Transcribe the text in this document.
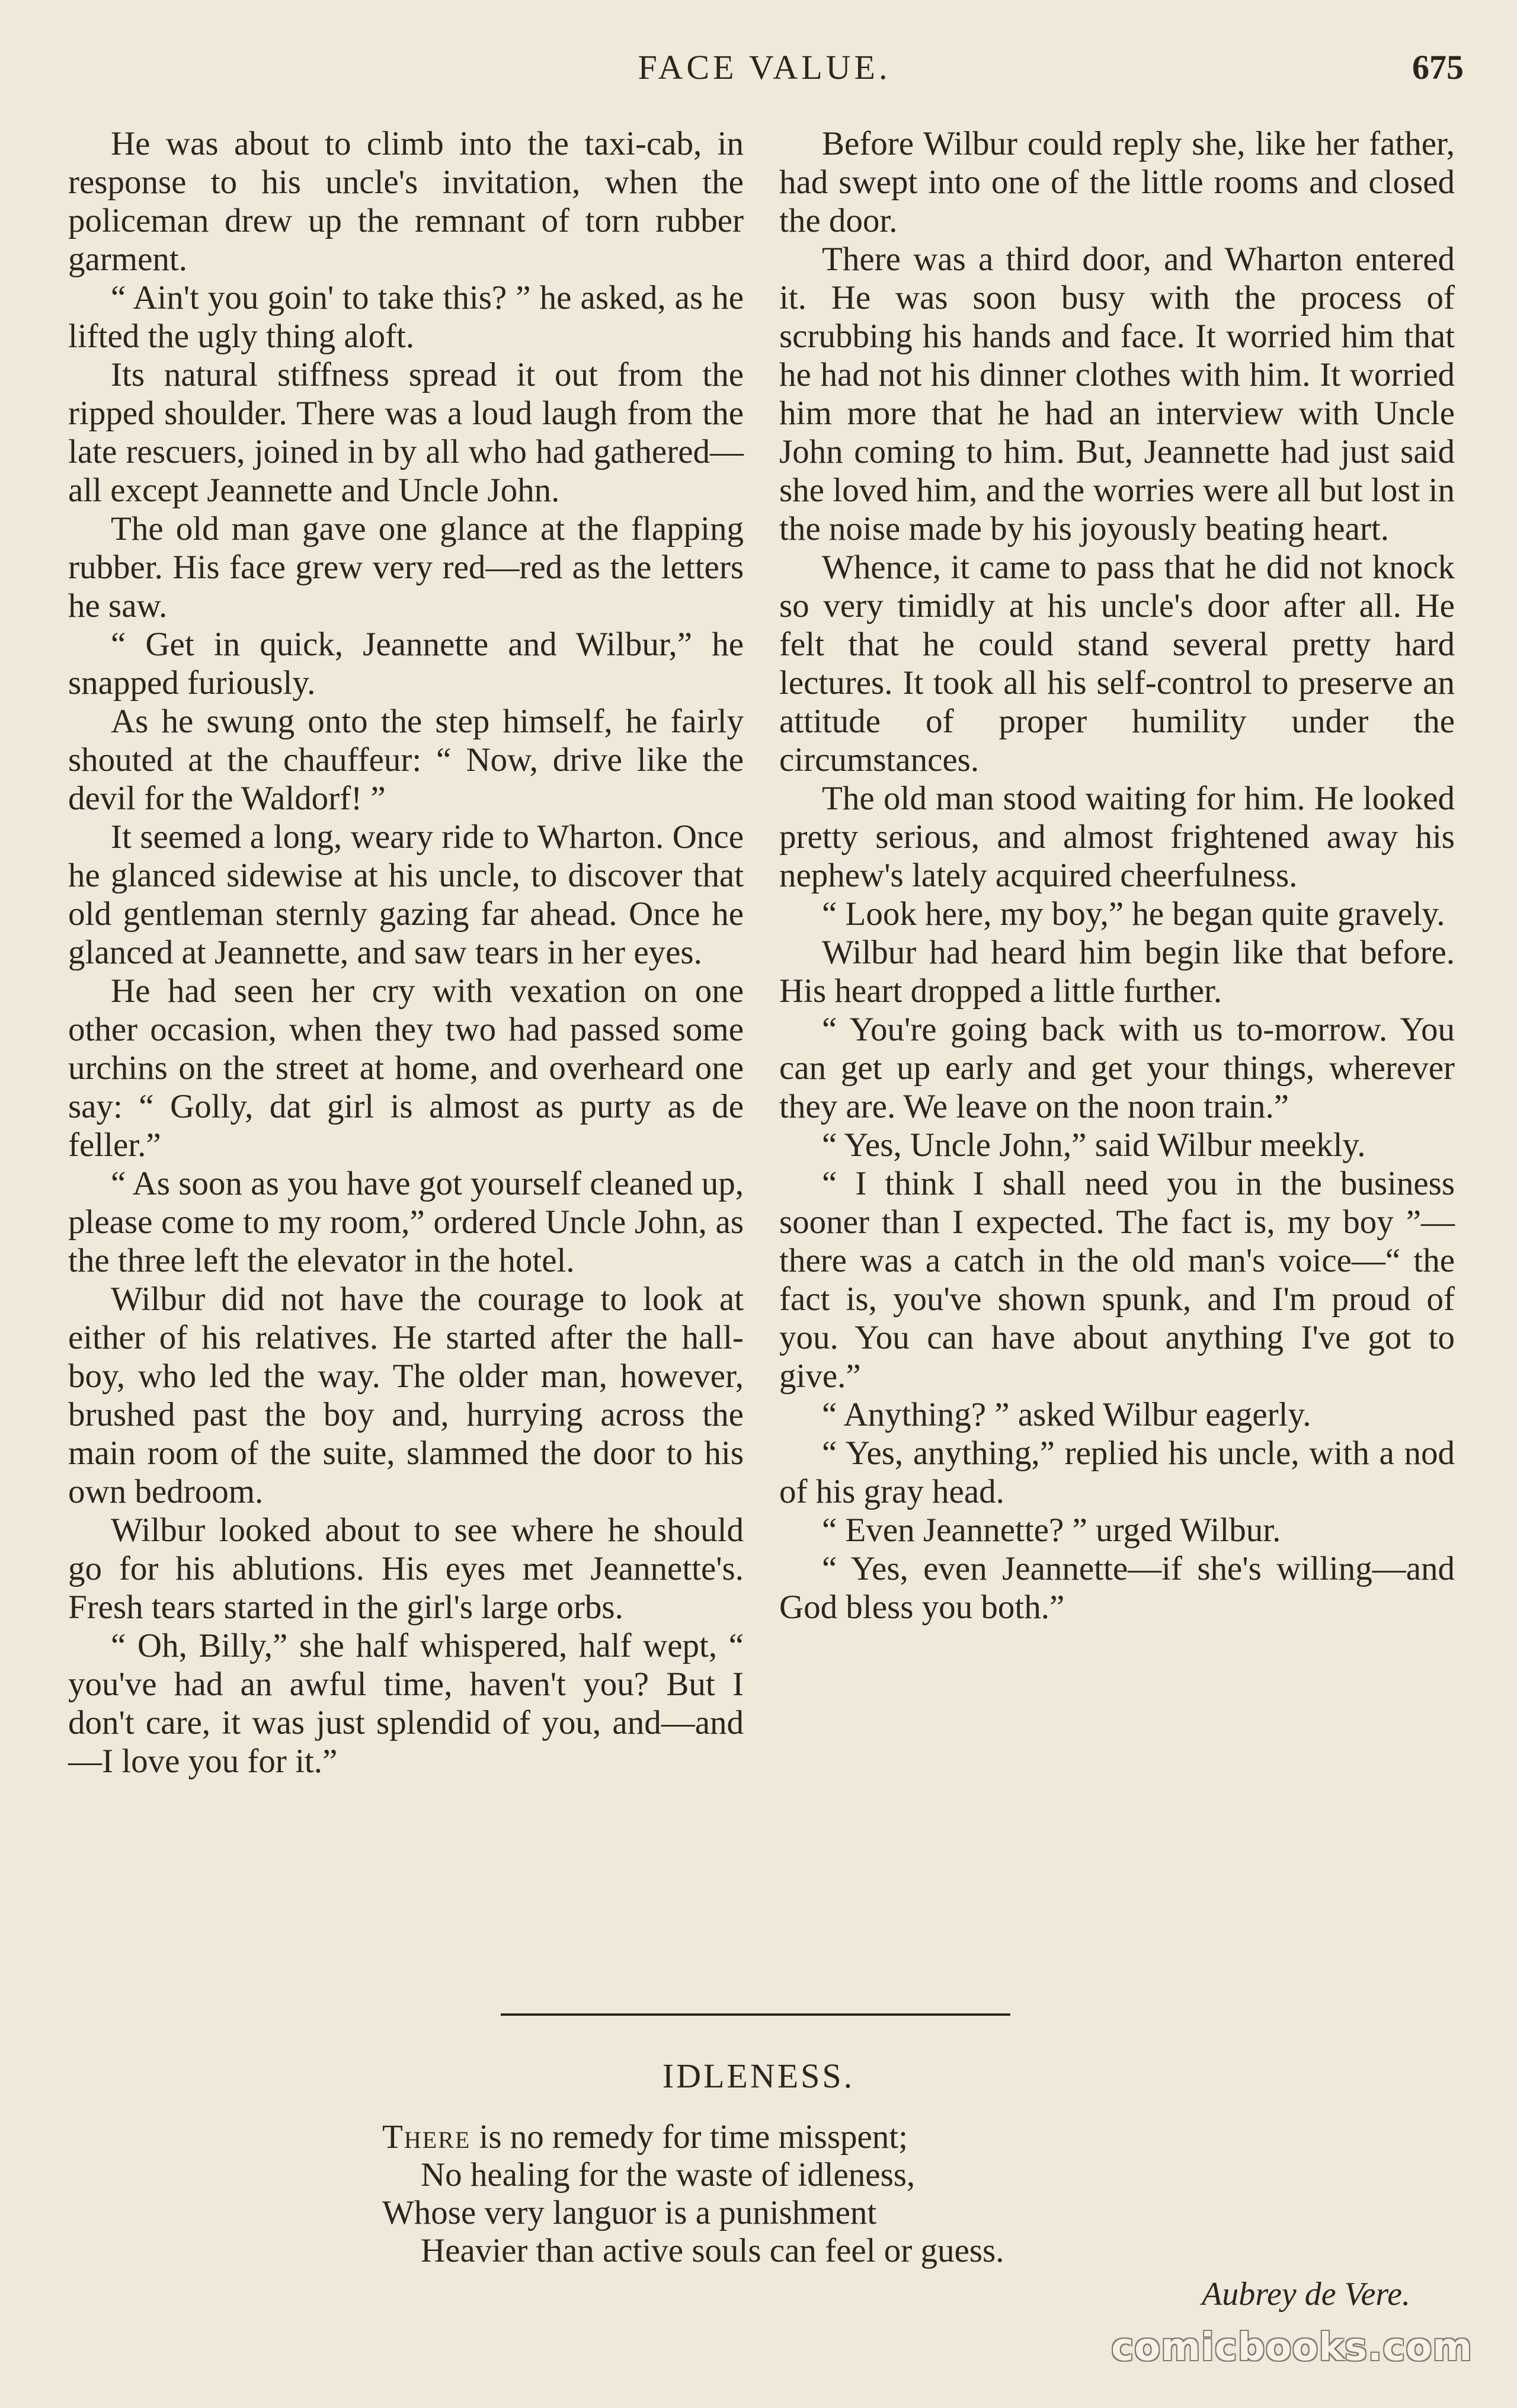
FACE VALUE.	675

He was about to climb into the taxi-cab, in response to his uncle's invitation, when the policeman drew up the remnant of torn rubber garment.

“ Ain't you goin' to take this? ” he asked, as he lifted the ugly thing aloft.

Its natural stiffness spread it out from the ripped shoulder. There was a loud laugh from the late rescuers, joined in by all who had gathered—all except Jeannette and Uncle John.

The old man gave one glance at the flapping rubber. His face grew very red—red as the letters he saw.

“ Get in quick, Jeannette and Wilbur,” he snapped furiously.

As he swung onto the step himself, he fairly shouted at the chauffeur: “ Now, drive like the devil for the Waldorf! ”

It seemed a long, weary ride to Wharton. Once he glanced sidewise at his uncle, to discover that old gentleman sternly gazing far ahead. Once he glanced at Jeannette, and saw tears in her eyes.

He had seen her cry with vexation on one other occasion, when they two had passed some urchins on the street at home, and overheard one say: “ Golly, dat girl is almost as purty as de feller.”

“ As soon as you have got yourself cleaned up, please come to my room,” ordered Uncle John, as the three left the elevator in the hotel.

Wilbur did not have the courage to look at either of his relatives. He started after the hall-boy, who led the way. The older man, however, brushed past the boy and, hurrying across the main room of the suite, slammed the door to his own bedroom.

Wilbur looked about to see where he should go for his ablutions. His eyes met Jeannette's. Fresh tears started in the girl's large orbs.

“ Oh, Billy,” she half whispered, half wept, “ you've had an awful time, haven't you? But I don't care, it was just splendid of you, and—and—I love you for it.”

Before Wilbur could reply she, like her father, had swept into one of the little rooms and closed the door.

There was a third door, and Wharton entered it. He was soon busy with the process of scrubbing his hands and face. It worried him that he had not his dinner clothes with him. It worried him more that he had an interview with Uncle John coming to him. But, Jeannette had just said she loved him, and the worries were all but lost in the noise made by his joyously beating heart.

Whence, it came to pass that he did not knock so very timidly at his uncle's door after all. He felt that he could stand several pretty hard lectures. It took all his self-control to preserve an attitude of proper humility under the circumstances.

The old man stood waiting for him. He looked pretty serious, and almost frightened away his nephew's lately acquired cheerfulness.

“ Look here, my boy,” he began quite gravely.

Wilbur had heard him begin like that before. His heart dropped a little further.

“ You're going back with us to-morrow. You can get up early and get your things, wherever they are. We leave on the noon train.”

“ Yes, Uncle John,” said Wilbur meekly.

“ I think I shall need you in the business sooner than I expected. The fact is, my boy ”—there was a catch in the old man's voice—“ the fact is, you've shown spunk, and I'm proud of you. You can have about anything I've got to give.”

“ Anything? ” asked Wilbur eagerly.

“ Yes, anything,” replied his uncle, with a nod of his gray head.

“ Even Jeannette? ” urged Wilbur.

“ Yes, even Jeannette—if she's willing—and God bless you both.”

IDLENESS.
There is no remedy for time misspent;
No healing for the waste of idleness,
Whose very languor is a punishment
Heavier than active souls can feel or guess.
Aubrey de Vere.
comicbooks.com
